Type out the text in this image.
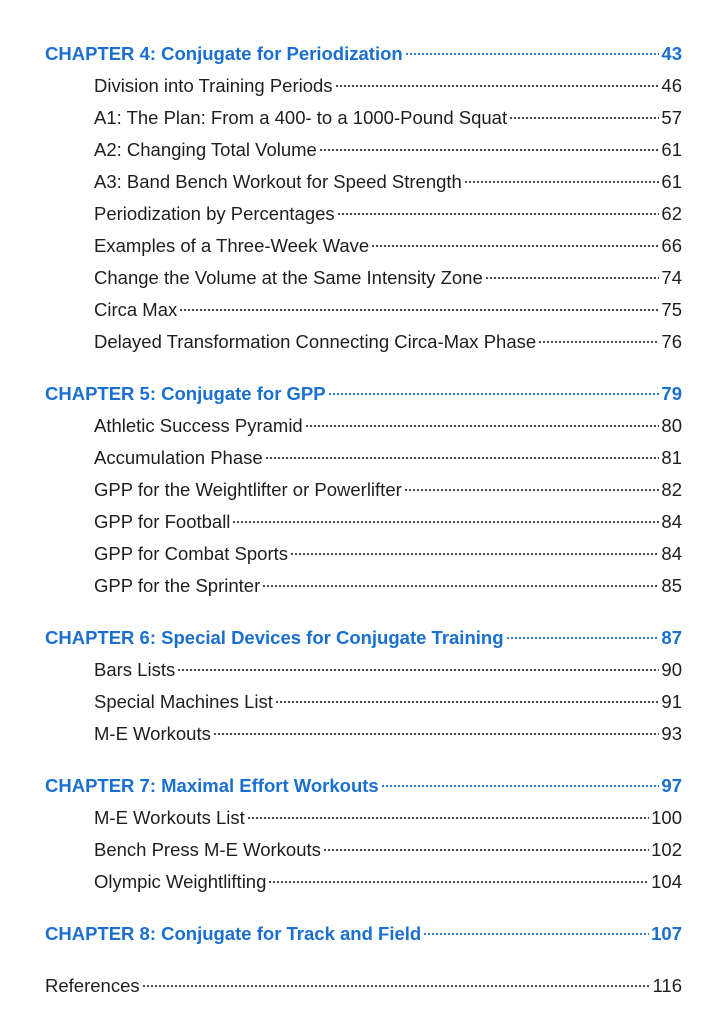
CHAPTER 4: Conjugate for Periodization	43
Division into Training Periods	46
A1: The Plan: From a 400- to a 1000-Pound Squat	57
A2: Changing Total Volume	61
A3: Band Bench Workout for Speed Strength	61
Periodization by Percentages	62
Examples of a Three-Week Wave	66
Change the Volume at the Same Intensity Zone	74
Circa Max	75
Delayed Transformation Connecting Circa-Max Phase	76
CHAPTER 5: Conjugate for GPP	79
Athletic Success Pyramid	80
Accumulation Phase	81
GPP for the Weightlifter or Powerlifter	82
GPP for Football	84
GPP for Combat Sports	84
GPP for the Sprinter	85
CHAPTER 6: Special Devices for Conjugate Training	87
Bars Lists	90
Special Machines List	91
M-E Workouts	93
CHAPTER 7: Maximal Effort Workouts	97
M-E Workouts List	100
Bench Press M-E Workouts	102
Olympic Weightlifting	104
CHAPTER 8: Conjugate for Track and Field	107
References	116
